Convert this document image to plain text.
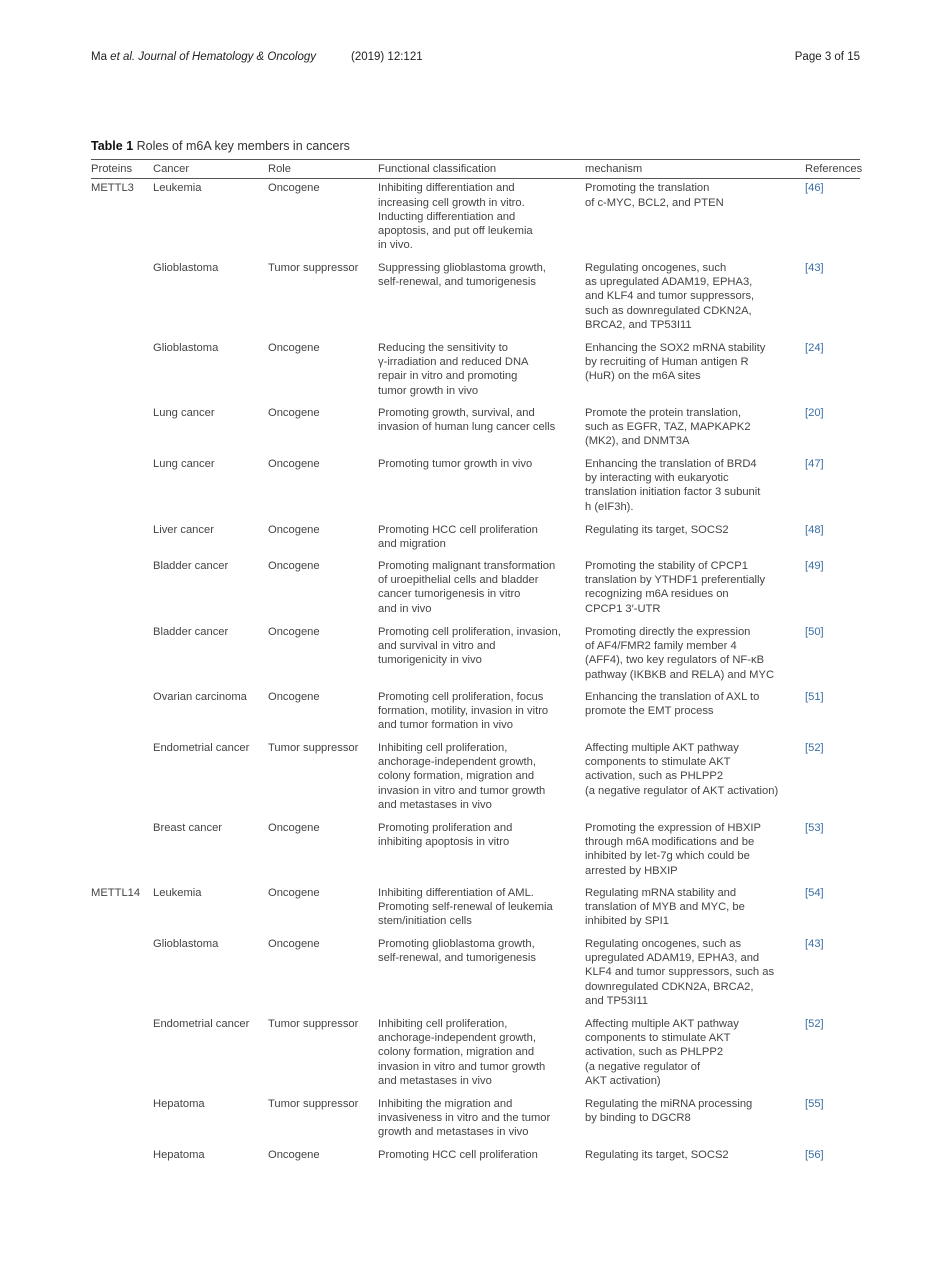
Ma et al. Journal of Hematology & Oncology	(2019) 12:121	Page 3 of 15
Table 1 Roles of m6A key members in cancers
Proteins	Cancer	Role	Functional classification	mechanism	References
METTL3	Leukemia	Oncogene	Inhibiting differentiation and
increasing cell growth in vitro.
Inducting differentiation and
apoptosis, and put off leukemia
in vivo.	Promoting the translation
of c-MYC, BCL2, and PTEN	[46]
	Glioblastoma	Tumor suppressor	Suppressing glioblastoma growth,
self-renewal, and tumorigenesis	Regulating oncogenes, such
as upregulated ADAM19, EPHA3,
and KLF4 and tumor suppressors,
such as downregulated CDKN2A,
BRCA2, and TP53I11	[43]
	Glioblastoma	Oncogene	Reducing the sensitivity to
γ-irradiation and reduced DNA
repair in vitro and promoting
tumor growth in vivo	Enhancing the SOX2 mRNA stability
by recruiting of Human antigen R
(HuR) on the m6A sites	[24]
	Lung cancer	Oncogene	Promoting growth, survival, and
invasion of human lung cancer cells	Promote the protein translation,
such as EGFR, TAZ, MAPKAPK2
(MK2), and DNMT3A	[20]
	Lung cancer	Oncogene	Promoting tumor growth in vivo	Enhancing the translation of BRD4
by interacting with eukaryotic
translation initiation factor 3 subunit
h (eIF3h).	[47]
	Liver cancer	Oncogene	Promoting HCC cell proliferation
and migration	Regulating its target, SOCS2	[48]
	Bladder cancer	Oncogene	Promoting malignant transformation
of uroepithelial cells and bladder
cancer tumorigenesis in vitro
and in vivo	Promoting the stability of CPCP1
translation by YTHDF1 preferentially
recognizing m6A residues on
CPCP1 3′-UTR	[49]
	Bladder cancer	Oncogene	Promoting cell proliferation, invasion,
and survival in vitro and
tumorigenicity in vivo	Promoting directly the expression
of AF4/FMR2 family member 4
(AFF4), two key regulators of NF-κB
pathway (IKBKB and RELA) and MYC	[50]
	Ovarian carcinoma	Oncogene	Promoting cell proliferation, focus
formation, motility, invasion in vitro
and tumor formation in vivo	Enhancing the translation of AXL to
promote the EMT process	[51]
	Endometrial cancer	Tumor suppressor	Inhibiting cell proliferation,
anchorage-independent growth,
colony formation, migration and
invasion in vitro and tumor growth
and metastases in vivo	Affecting multiple AKT pathway
components to stimulate AKT
activation, such as PHLPP2
(a negative regulator of AKT activation)	[52]
	Breast cancer	Oncogene	Promoting proliferation and
inhibiting apoptosis in vitro	Promoting the expression of HBXIP
through m6A modifications and be
inhibited by let-7g which could be
arrested by HBXIP	[53]
METTL14	Leukemia	Oncogene	Inhibiting differentiation of AML.
Promoting self-renewal of leukemia
stem/initiation cells	Regulating mRNA stability and
translation of MYB and MYC, be
inhibited by SPI1	[54]
	Glioblastoma	Oncogene	Promoting glioblastoma growth,
self-renewal, and tumorigenesis	Regulating oncogenes, such as
upregulated ADAM19, EPHA3, and
KLF4 and tumor suppressors, such as
downregulated CDKN2A, BRCA2,
and TP53I11	[43]
	Endometrial cancer	Tumor suppressor	Inhibiting cell proliferation,
anchorage-independent growth,
colony formation, migration and
invasion in vitro and tumor growth
and metastases in vivo	Affecting multiple AKT pathway
components to stimulate AKT
activation, such as PHLPP2
(a negative regulator of
AKT activation)	[52]
	Hepatoma	Tumor suppressor	Inhibiting the migration and
invasiveness in vitro and the tumor
growth and metastases in vivo	Regulating the miRNA processing
by binding to DGCR8	[55]
	Hepatoma	Oncogene	Promoting HCC cell proliferation	Regulating its target, SOCS2	[56]
